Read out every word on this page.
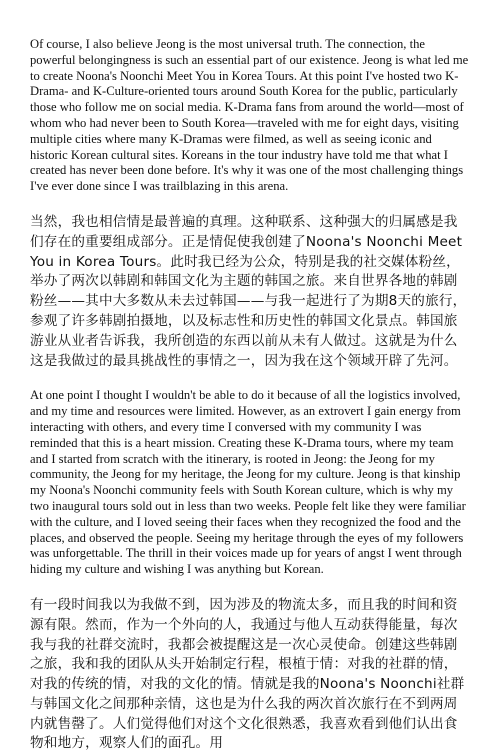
Of course, I also believe Jeong is the most universal truth. The connection, the powerful belongingness is such an essential part of our existence. Jeong is what led me to create Noona's Noonchi Meet You in Korea Tours. At this point I've hosted two K-Drama- and K-Culture-oriented tours around South Korea for the public, particularly those who follow me on social media. K-Drama fans from around the world—most of whom who had never been to South Korea—traveled with me for eight days, visiting multiple cities where many K-Dramas were filmed, as well as seeing iconic and historic Korean cultural sites. Koreans in the tour industry have told me that what I created has never been done before. It's why it was one of the most challenging things I've ever done since I was trailblazing in this arena.

当然，我也相信情是最普遍的真理。这种联系、这种强大的归属感是我们存在的重要组成部分。正是情促使我创建了Noona's Noonchi Meet You in Korea Tours。此时我已经为公众，特别是我的社交媒体粉丝，举办了两次以韩剧和韩国文化为主题的韩国之旅。来自世界各地的韩剧粉丝——其中大多数从未去过韩国——与我一起进行了为期8天的旅行，参观了许多韩剧拍摄地，以及标志性和历史性的韩国文化景点。韩国旅游业从业者告诉我，我所创造的东西以前从未有人做过。这就是为什么这是我做过的最具挑战性的事情之一，因为我在这个领域开辟了先河。

At one point I thought I wouldn't be able to do it because of all the logistics involved, and my time and resources were limited. However, as an extrovert I gain energy from interacting with others, and every time I conversed with my community I was reminded that this is a heart mission. Creating these K-Drama tours, where my team and I started from scratch with the itinerary, is rooted in Jeong: the Jeong for my community, the Jeong for my heritage, the Jeong for my culture. Jeong is that kinship my Noona's Noonchi community feels with South Korean culture, which is why my two inaugural tours sold out in less than two weeks. People felt like they were familiar with the culture, and I loved seeing their faces when they recognized the food and the places, and observed the people. Seeing my heritage through the eyes of my followers was unforgettable. The thrill in their voices made up for years of angst I went through hiding my culture and wishing I was anything but Korean.

有一段时间我以为我做不到，因为涉及的物流太多，而且我的时间和资源有限。然而，作为一个外向的人，我通过与他人互动获得能量，每次我与我的社群交流时，我都会被提醒这是一次心灵使命。创建这些韩剧之旅，我和我的团队从头开始制定行程，根植于情：对我的社群的情，对我的传统的情，对我的文化的情。情就是我的Noona's Noonchi社群与韩国文化之间那种亲情，这也是为什么我的两次首次旅行在不到两周内就售罄了。人们觉得他们对这个文化很熟悉，我喜欢看到他们认出食物和地方，观察人们的面孔。用
